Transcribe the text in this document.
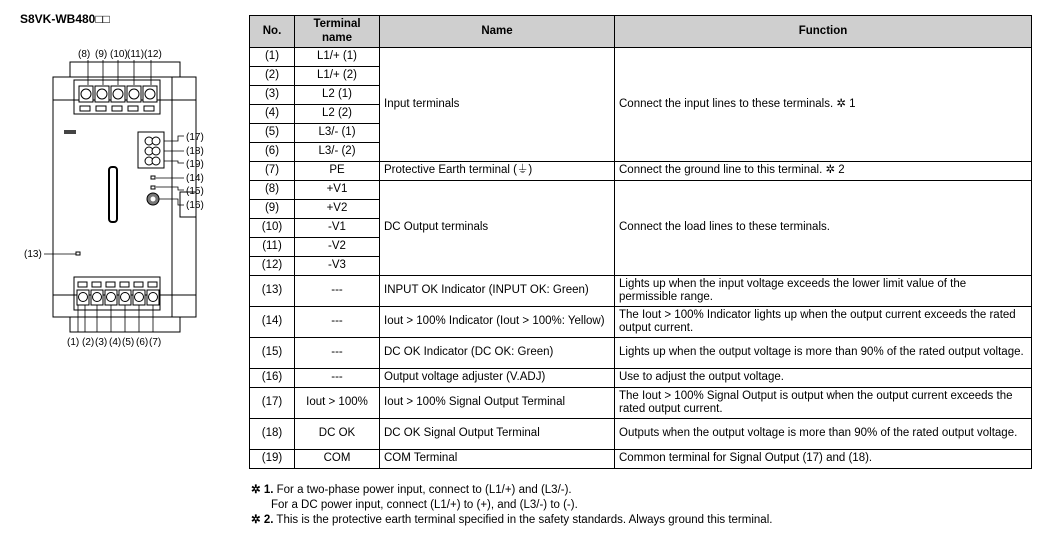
S8VK-WB480□□
(8) (9) (10) (11) (12)
(17)
(18)
(19)
(14)
(15)
(16)
(13)
(1) (2) (3) (4) (5) (6) (7)
No.	Terminal name	Name	Function
(1)	L1/+ (1)	Input terminals	Connect the input lines to these terminals. ✲ 1
(2)	L1/+ (2)		
(3)	L2 (1)		
(4)	L2 (2)		
(5)	L3/- (1)		
(6)	L3/- (2)		
(7)	PE	Protective Earth terminal (⏚)	Connect the ground line to this terminal. ✲ 2
(8)	+V1	DC Output terminals	Connect the load lines to these terminals.
(9)	+V2		
(10)	-V1		
(11)	-V2		
(12)	-V3		
(13)	---	INPUT OK Indicator (INPUT OK: Green)	Lights up when the input voltage exceeds the lower limit value of the permissible range.
(14)	---	Iout > 100% Indicator (Iout > 100%: Yellow)	The Iout > 100% Indicator lights up when the output current exceeds the rated output current.
(15)	---	DC OK Indicator (DC OK: Green)	Lights up when the output voltage is more than 90% of the rated output voltage.
(16)	---	Output voltage adjuster (V.ADJ)	Use to adjust the output voltage.
(17)	Iout > 100%	Iout > 100% Signal Output Terminal	The Iout > 100% Signal Output is output when the output current exceeds the rated output current.
(18)	DC OK	DC OK Signal Output Terminal	Outputs when the output voltage is more than 90% of the rated output voltage.
(19)	COM	COM Terminal	Common terminal for Signal Output (17) and (18).
✲ 1. For a two-phase power input, connect to (L1/+) and (L3/-).
For a DC power input, connect (L1/+) to (+), and (L3/-) to (-).
✲ 2. This is the protective earth terminal specified in the safety standards. Always ground this terminal.
